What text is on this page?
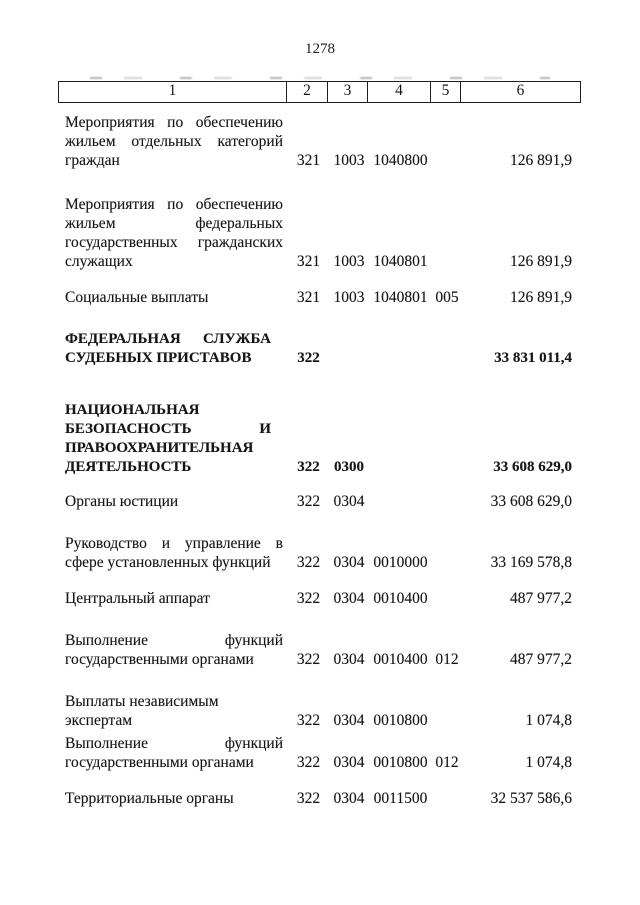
1278
1	2	3	4	5	6
Мероприятия по обеспечению
жильем отдельных категорий
граждан	321 1003 1040800	126 891,9
Мероприятия по обеспечению
жильем федеральных
государственных гражданских
служащих	321 1003 1040801	126 891,9
Социальные выплаты	321 1003 1040801 005	126 891,9
ФЕДЕРАЛЬНАЯ СЛУЖБА
СУДЕБНЫХ ПРИСТАВОВ	322	33 831 011,4
НАЦИОНАЛЬНАЯ
БЕЗОПАСНОСТЬ И
ПРАВООХРАНИТЕЛЬНАЯ
ДЕЯТЕЛЬНОСТЬ	322 0300	33 608 629,0
Органы юстиции	322 0304	33 608 629,0
Руководство и управление в
сфере установленных функций	322 0304 0010000	33 169 578,8
Центральный аппарат	322 0304 0010400	487 977,2
Выполнение функций
государственными органами	322 0304 0010400 012	487 977,2
Выплаты независимым экспертам	322 0304 0010800	1 074,8
Выполнение функций
государственными органами	322 0304 0010800 012	1 074,8
Территориальные органы	322 0304 0011500	32 537 586,6
